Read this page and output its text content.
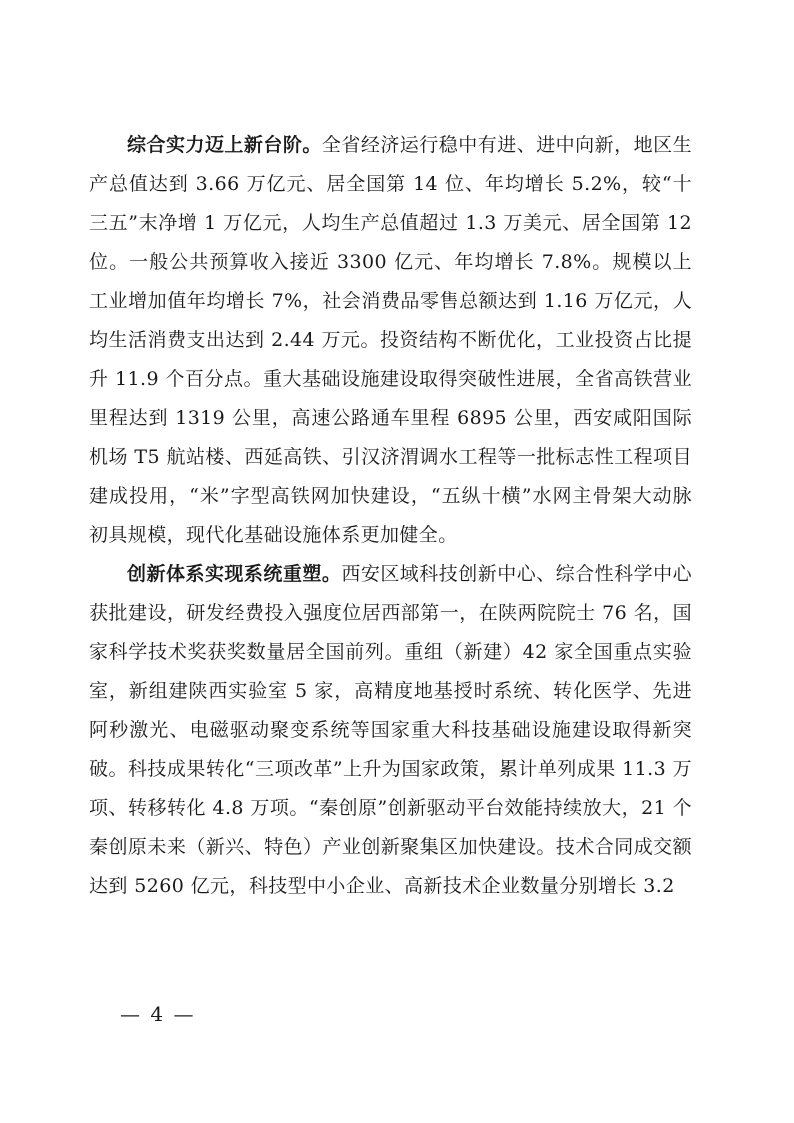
综合实力迈上新台阶。全省经济运行稳中有进、进中向新，地区生产总值达到 3.66 万亿元、居全国第 14 位、年均增长 5.2%，较“十三五”末净增 1 万亿元，人均生产总值超过 1.3 万美元、居全国第 12 位。一般公共预算收入接近 3300 亿元、年均增长 7.8%。规模以上工业增加值年均增长 7%，社会消费品零售总额达到 1.16 万亿元，人均生活消费支出达到 2.44 万元。投资结构不断优化，工业投资占比提升 11.9 个百分点。重大基础设施建设取得突破性进展，全省高铁营业里程达到 1319 公里，高速公路通车里程 6895 公里，西安咸阳国际机场 T5 航站楼、西延高铁、引汉济渭调水工程等一批标志性工程项目建成投用，“米”字型高铁网加快建设，“五纵十横”水网主骨架大动脉初具规模，现代化基础设施体系更加健全。

创新体系实现系统重塑。西安区域科技创新中心、综合性科学中心获批建设，研发经费投入强度位居西部第一，在陕两院院士 76 名，国家科学技术奖获奖数量居全国前列。重组（新建）42 家全国重点实验室，新组建陕西实验室 5 家，高精度地基授时系统、转化医学、先进阿秒激光、电磁驱动聚变系统等国家重大科技基础设施建设取得新突破。科技成果转化“三项改革”上升为国家政策，累计单列成果 11.3 万项、转移转化 4.8 万项。“秦创原”创新驱动平台效能持续放大，21 个秦创原未来（新兴、特色）产业创新聚集区加快建设。技术合同成交额达到 5260 亿元，科技型中小企业、高新技术企业数量分别增长 3.2

— 4 —
